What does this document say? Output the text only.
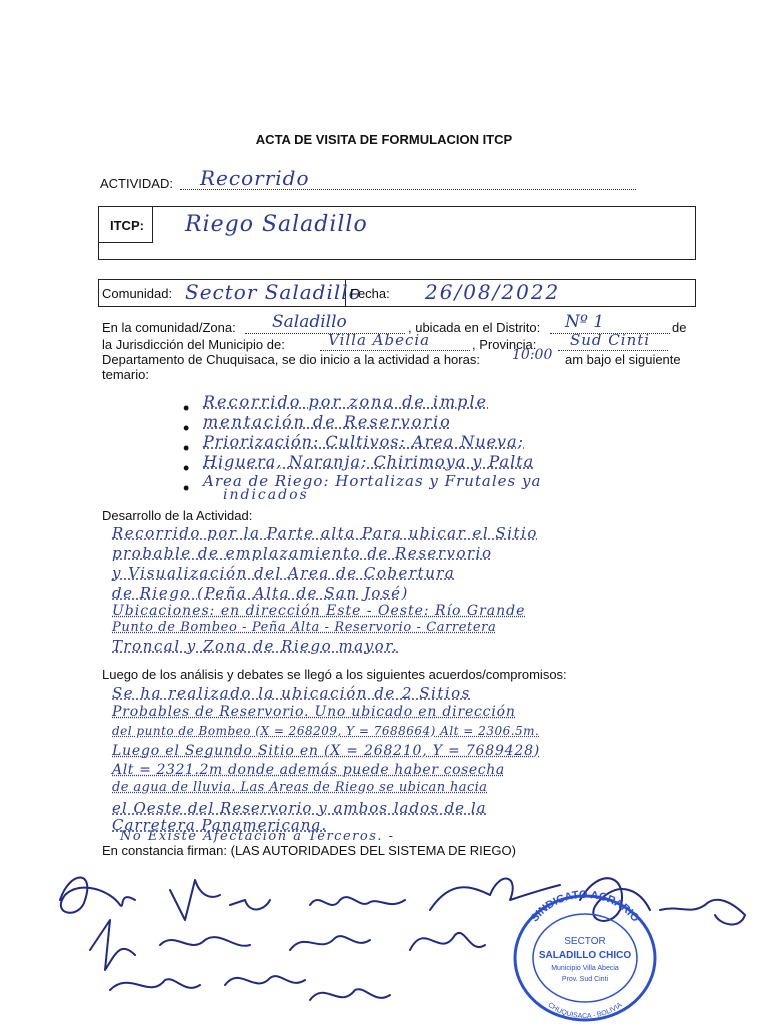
ACTA DE VISITA DE FORMULACION ITCP
ACTIVIDAD: Recorrido
ITCP: Riego Saladillo
Comunidad: Sector Saladillo
Fecha: 26/08/2022
En la comunidad/Zona: Saladillo	, ubicada en el Distrito: Nº 1	de
la Jurisdicción del Municipio de:	Villa Abecia	, Provincia: Sud Cinti
Departamento de Chuquisaca, se dio inicio a la actividad a horas: 10:00 am bajo el siguiente
temario:
• Recorrido por zona de imple
• mentación de Reservorio
• Priorización: Cultivos: Area Nueva;
• Higuera, Naranja; Chirimoya y Palta
• Area de Riego: Hortalizas y Frutales ya
indicados
Desarrollo de la Actividad:
Recorrido por la Parte alta Para ubicar el Sitio
probable de emplazamiento de Reservorio
y Visualización del Area de Cobertura
de Riego (Peña Alta de San José)
Ubicaciones: en dirección Este - Oeste: Río Grande
Punto de Bombeo - Peña Alta - Reservorio - Carretera
Troncal y Zona de Riego mayor.
Luego de los análisis y debates se llegó a los siguientes acuerdos/compromisos:
Se ha realizado la ubicación de 2 Sitios
Probables de Reservorio. Uno ubicado en dirección
del punto de Bombeo (X = 268209, Y = 7688664) Alt = 2306.5m.
Luego el Segundo Sitio en (X = 268210, Y = 7689428)
Alt = 2321.2m donde además puede haber cosecha
de agua de lluvia. Las Areas de Riego se ubican hacia
el Oeste del Reservorio y ambos lados de la
Carretera Panamericana.
No Existe Afectación a Terceros. -
En constancia firman: (LAS AUTORIDADES DEL SISTEMA DE RIEGO)
SINDICATO AGRARIO
CHUQUISACA - BOLIVIA
SECTOR
SALADILLO CHICO
Municipio Villa Abecia
Prov. Sud Cinti
